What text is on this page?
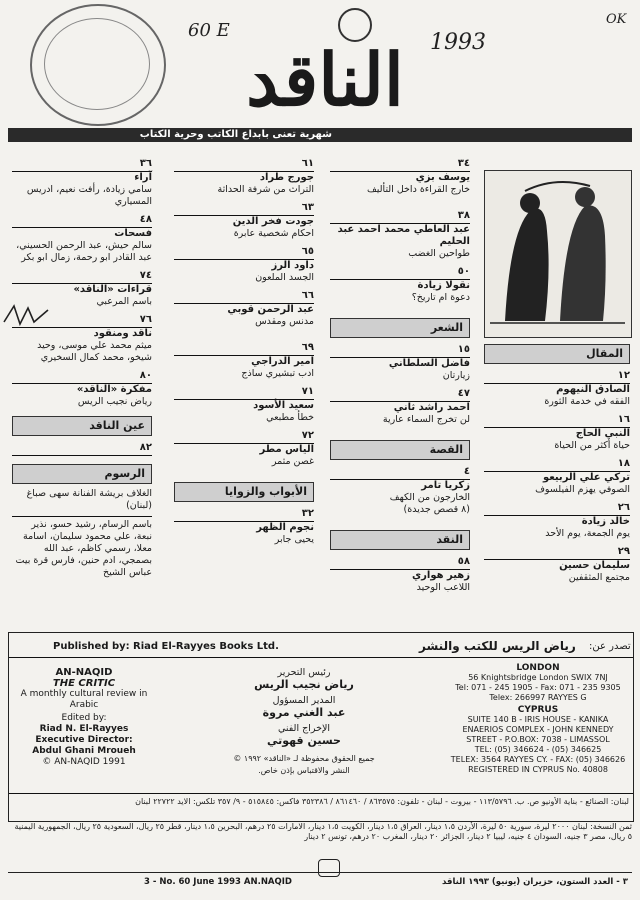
60 E	1993
OK
الناقد
شهرية تعنى بابداع الكاتب وحرية الكتاب
٣٤
يوسف بزي
خارج القراءة داخل التأليف
٣٨
عبد العاطي محمد احمد عبد الحليم
طواحين الغضب
٥٠
نقولا زيادة
دعوة ام تاريخ؟
الشعر
١٥
فاضل السلطاني
زيارتان
٤٧
احمد راشد ثاني
لن تخرج السماء عارية
القصة
٤
زكريا تامر
الخارجون من الكهف
(٨ قصص جديدة)
النقد
٥٨
زهير هواري
اللاعب الوحيد
المقال
١٢
الصادق النيهوم
الفقه في خدمة الثورة
١٦
النبي الحاج
حياة أكثر من الحياة
١٨
تركي علي الربيعو
الصوفي يهزم الفيلسوف
٢٦
خالد زيادة
يوم الجمعة، يوم الأحد
٢٩
سليمان حسين
مجتمع المثقفين
٦١
جورج طراد
التراث من شرفة الحداثة
٦٣
جودت فخر الدين
احكام شخصية عابرة
٦٥
داود الرز
الجسد الملعون
٦٦
عبد الرحمن قوبي
مدنس ومقدس
٦٩
امير الدراجي
ادب تبشيري ساذج
٧١
سعيد الأسود
خطأ مطبعي
٧٢
الياس مطر
غصن مثمر
الأبواب والزوايا
٣٢
نجوم الظهر
يحيى جابر
٣٦
آراء
سامي زيادة، رأفت نعيم، ادريس المسياري
٤٨
فسحات
سالم حيش، عبد الرحمن الحسيني، عبد القادر ابو رحمة، زمال ابو بكر
٧٤
قراءات «الناقد»
باسم المرعبي
٧٦
ناقد ومنقود
ميثم محمد علي موسى، وحيد شيخو، محمد كمال السخيري
٨٠
مفكرة «الناقد»
رياض نجيب الريس
عين الناقد
٨٢
الرسوم
الغلاف بريشة الفنانة سهى صباغ (لبنان)
باسم الرسام، رشيد حسو، نذير نبعة، علي محمود سليمان، اسامة معلا، رسمي كاظم، عبد الله بصمجي، ادم حنين، فارس قرة بيت عباس الشيخ
Published by: Riad El-Rayyes Books Ltd.	رياض الريس للكتب والنشر تصدر عن:
AN-NAQID
THE CRITIC
A monthly cultural review in Arabic
Edited by:
Riad N. El-Rayyes
Executive Director:
Abdul Ghani Mroueh
© AN-NAQID 1991
رئيس التحرير
رياض نجيب الريس
المدير المسؤول
عبد الغني مروة
الإخراج الفني
حسين قهوتي
جميع الحقوق محفوظة لـ «الناقد» ١٩٩٢ ©
النشر والاقتباس بإذن خاص.
LONDON
56 Knightsbridge London SWIX 7NJ
Tel: 071 - 245 1905 - Fax: 071 - 235 9305
Telex: 266997 RAYYES G
CYPRUS
SUITE 140 B - IRIS HOUSE - KANIKA ENAERIOS COMPLEX - JOHN KENNEDY STREET - P.O.BOX: 7038 - LIMASSOL
TEL: (05) 346624 - (05) 346625
TELEX: 3564 RAYYES CY. - FAX: (05) 346626
REGISTERED IN CYPRUS No. 40808
لبنان: الصنائع - بناية الأونيو ص. ب. ١١٣/٥٧٩٦ - بيروت - لبنان - تلفون: ٨٦٣٥٧٥ / ٨٦١٤٦٠ / ٣٥٢٣٨٦ فاكس: ٥١٥٨٤٥ - ٩/ ٣٥٧ تلكس: الايد ٢٢٧٢٢ لبنان
ثمن النسخة: لبنان ٢٠٠٠ ليرة، سورية ٥٠ ليرة، الأردن ١،٥ دينار، العراق ١،٥ دينار، الكويت ١،٥ دينار، الامارات ٢٥ درهم، البحرين ١،٥ دينار، قطر ٢٥ ريال، السعودية ٢٥ ريال، الجمهورية اليمنية ٥ ريال، مصر ٣ جنيه، السودان ٤ جنيه، ليبيا ٢ دينار، الجزائر ٢٠ دينار، المغرب ٢٠ درهم، تونس ٢ دينار
3 - No. 60 June 1993 AN.NAQID	٣ - العدد الستون، حزيران (يونيو) ١٩٩٣ الناقد
